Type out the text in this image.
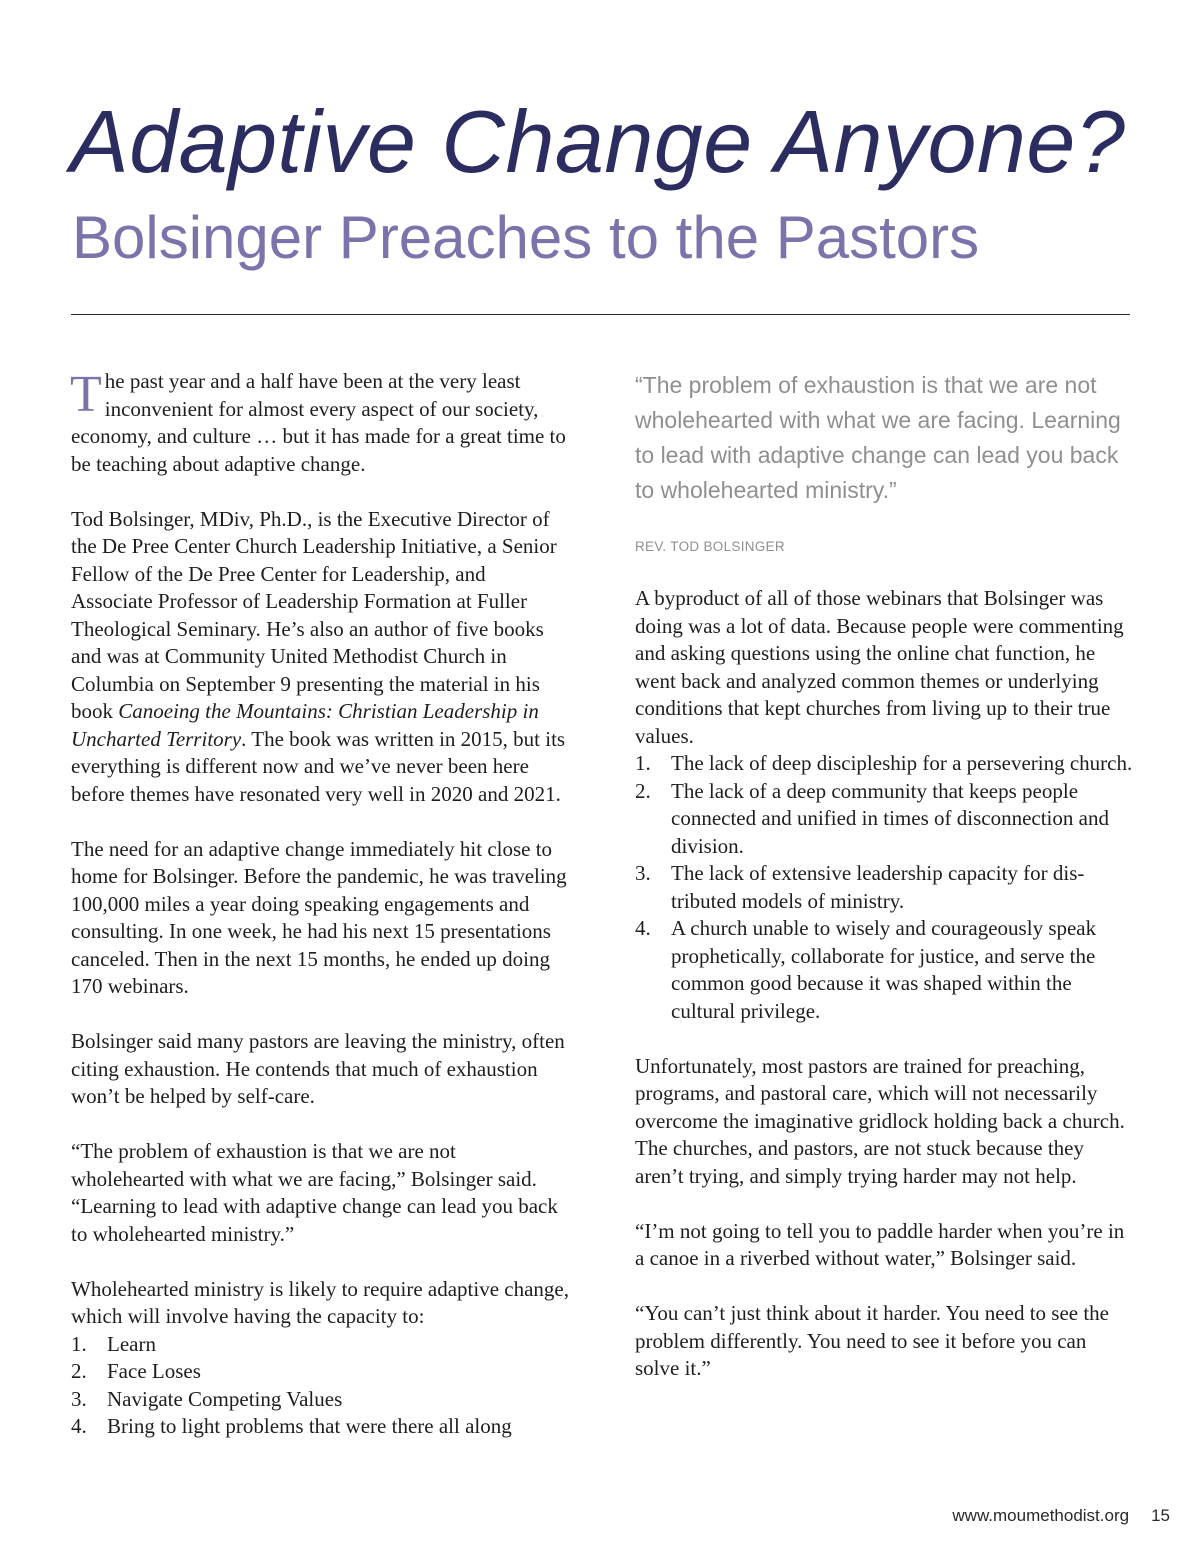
Adaptive Change Anyone?
Bolsinger Preaches to the Pastors

The past year and a half have been at the very least inconvenient for almost every aspect of our society, economy, and culture … but it has made for a great time to be teaching about adaptive change.

Tod Bolsinger, MDiv, Ph.D., is the Executive Director of the De Pree Center Church Leadership Initiative, a Senior Fellow of the De Pree Center for Leadership, and Associate Professor of Leadership Formation at Fuller Theological Seminary. He’s also an author of five books and was at Community United Methodist Church in Columbia on September 9 presenting the material in his book Canoeing the Mountains: Christian Leadership in Uncharted Territory. The book was written in 2015, but its everything is different now and we’ve never been here before themes have resonated very well in 2020 and 2021.

The need for an adaptive change immediately hit close to home for Bolsinger. Before the pandemic, he was traveling 100,000 miles a year doing speaking engagements and consulting. In one week, he had his next 15 presentations canceled. Then in the next 15 months, he ended up doing 170 webinars.

Bolsinger said many pastors are leaving the ministry, often citing exhaustion. He contends that much of exhaustion won’t be helped by self-care.

“The problem of exhaustion is that we are not wholehearted with what we are facing,” Bolsinger said. “Learning to lead with adaptive change can lead you back to wholehearted ministry.”

Wholehearted ministry is likely to require adaptive change, which will involve having the capacity to:

1. Learn
2. Face Loses
3. Navigate Competing Values
4. Bring to light problems that were there all along

“The problem of exhaustion is that we are not wholehearted with what we are facing. Learning to lead with adaptive change can lead you back to wholehearted ministry.”

REV. TOD BOLSINGER

A byproduct of all of those webinars that Bolsinger was doing was a lot of data. Because people were commenting and asking questions using the online chat function, he went back and analyzed common themes or underlying conditions that kept churches from living up to their true values.

1. The lack of deep discipleship for a persevering church.
2. The lack of a deep community that keeps people connected and unified in times of disconnection and division.
3. The lack of extensive leadership capacity for distributed models of ministry.
4. A church unable to wisely and courageously speak prophetically, collaborate for justice, and serve the common good because it was shaped within the cultural privilege.

Unfortunately, most pastors are trained for preaching, programs, and pastoral care, which will not necessarily overcome the imaginative gridlock holding back a church. The churches, and pastors, are not stuck because they aren’t trying, and simply trying harder may not help.

“I’m not going to tell you to paddle harder when you’re in a canoe in a riverbed without water,” Bolsinger said.

“You can’t just think about it harder. You need to see the problem differently. You need to see it before you can solve it.”

www.moumethodist.org 15
